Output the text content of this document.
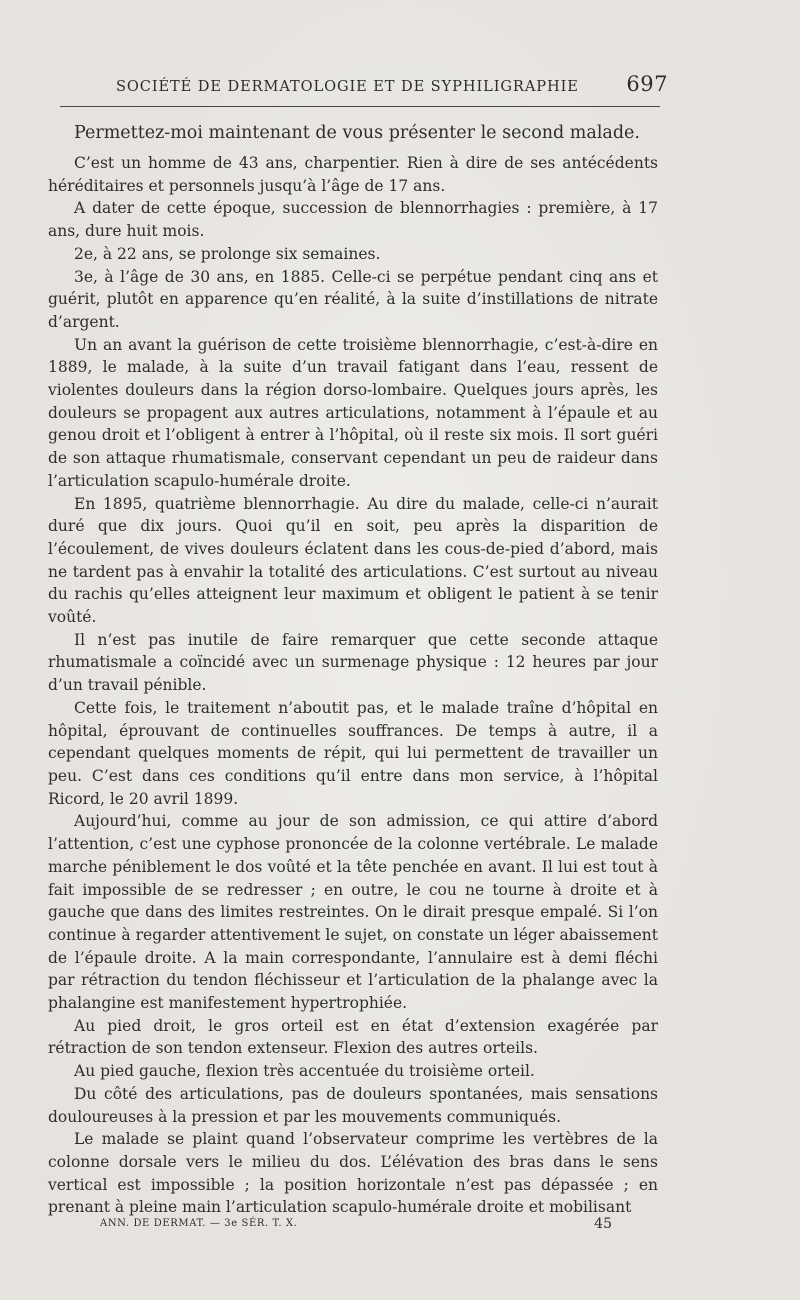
SOCIÉTÉ DE DERMATOLOGIE ET DE SYPHILIGRAPHIE 697

Permettez-moi maintenant de vous présenter le second malade.

C’est un homme de 43 ans, charpentier. Rien à dire de ses antécédents héréditaires et personnels jusqu’à l’âge de 17 ans.

A dater de cette époque, succession de blennorrhagies : première, à 17 ans, dure huit mois.

2e, à 22 ans, se prolonge six semaines.

3e, à l’âge de 30 ans, en 1885. Celle-ci se perpétue pendant cinq ans et guérit, plutôt en apparence qu’en réalité, à la suite d’instillations de nitrate d’argent.

Un an avant la guérison de cette troisième blennorrhagie, c’est-à-dire en 1889, le malade, à la suite d’un travail fatigant dans l’eau, ressent de violentes douleurs dans la région dorso-lombaire. Quelques jours après, les douleurs se propagent aux autres articulations, notamment à l’épaule et au genou droit et l’obligent à entrer à l’hôpital, où il reste six mois. Il sort guéri de son attaque rhumatismale, conservant cependant un peu de raideur dans l’articulation scapulo-humérale droite.

En 1895, quatrième blennorrhagie. Au dire du malade, celle-ci n’aurait duré que dix jours. Quoi qu’il en soit, peu après la disparition de l’écoulement, de vives douleurs éclatent dans les cous-de-pied d’abord, mais ne tardent pas à envahir la totalité des articulations. C’est surtout au niveau du rachis qu’elles atteignent leur maximum et obligent le patient à se tenir voûté.

Il n’est pas inutile de faire remarquer que cette seconde attaque rhumatismale a coïncidé avec un surmenage physique : 12 heures par jour d’un travail pénible.

Cette fois, le traitement n’aboutit pas, et le malade traîne d’hôpital en hôpital, éprouvant de continuelles souffrances. De temps à autre, il a cependant quelques moments de répit, qui lui permettent de travailler un peu. C’est dans ces conditions qu’il entre dans mon service, à l’hôpital Ricord, le 20 avril 1899.

Aujourd’hui, comme au jour de son admission, ce qui attire d’abord l’attention, c’est une cyphose prononcée de la colonne vertébrale. Le malade marche péniblement le dos voûté et la tête penchée en avant. Il lui est tout à fait impossible de se redresser ; en outre, le cou ne tourne à droite et à gauche que dans des limites restreintes. On le dirait presque empalé. Si l’on continue à regarder attentivement le sujet, on constate un léger abaissement de l’épaule droite. A la main correspondante, l’annulaire est à demi fléchi par rétraction du tendon fléchisseur et l’articulation de la phalange avec la phalangine est manifestement hypertrophiée.

Au pied droit, le gros orteil est en état d’extension exagérée par rétraction de son tendon extenseur. Flexion des autres orteils.

Au pied gauche, flexion très accentuée du troisième orteil.

Du côté des articulations, pas de douleurs spontanées, mais sensations douloureuses à la pression et par les mouvements communiqués.

Le malade se plaint quand l’observateur comprime les vertèbres de la colonne dorsale vers le milieu du dos. L’élévation des bras dans le sens vertical est impossible ; la position horizontale n’est pas dépassée ; en prenant à pleine main l’articulation scapulo-humérale droite et mobilisant

ANN. DE DERMAT. — 3e SÉR. T. X.	45
